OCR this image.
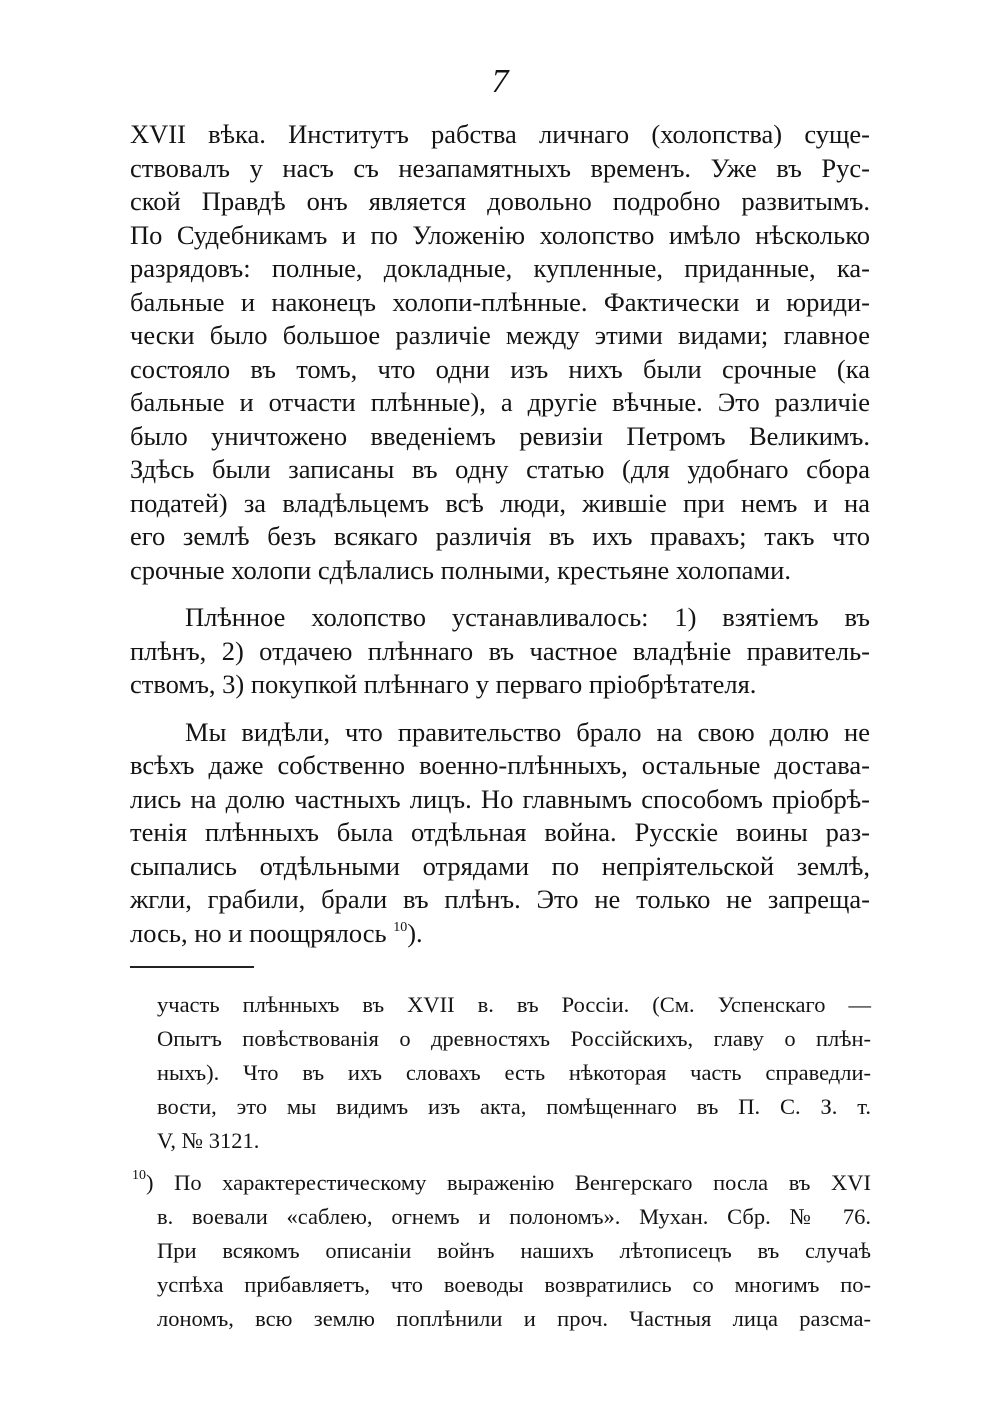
7

XVII вѣка. Институтъ рабства личнаго (холопства) суще-
ствовалъ у насъ съ незапамятныхъ временъ. Уже въ Рус-
ской Правдѣ онъ является довольно подробно развитымъ.
По Судебникамъ и по Уложенію холопство имѣло нѣсколько
разрядовъ: полные, докладные, купленные, приданные, ка-
бальные и наконецъ холопи-плѣнные. Фактически и юриди-
чески было большое различіе между этими видами; главное
состояло въ томъ, что одни изъ нихъ были срочные (ка
бальные и отчасти плѣнные), а другіе вѣчные. Это различіе
было уничтожено введеніемъ ревизіи Петромъ Великимъ.
Здѣсь были записаны въ одну статью (для удобнаго сбора
податей) за владѣльцемъ всѣ люди, жившіе при немъ и на
его землѣ безъ всякаго различія въ ихъ правахъ; такъ что
срочные холопи сдѣлались полными, крестьяне холопами.

Плѣнное холопство устанавливалось: 1) взятіемъ въ
плѣнъ, 2) отдачею плѣннаго въ частное владѣніе правитель-
ствомъ, 3) покупкой плѣннаго у перваго пріобрѣтателя.

Мы видѣли, что правительство брало на свою долю не
всѣхъ даже собственно военно-плѣнныхъ, остальные достава-
лись на долю частныхъ лицъ. Но главнымъ способомъ пріобрѣ-
тенія плѣнныхъ была отдѣльная война. Русскіе воины раз-
сыпались отдѣльными отрядами по непріятельской землѣ,
жгли, грабили, брали въ плѣнъ. Это не только не запреща-
лось, но и поощрялось $^{10}$).

участь плѣнныхъ въ XVII в. въ Россіи. (См. Успенскаго —
Опытъ повѣствованія о древностяхъ Россійскихъ, главу о плѣн-
ныхъ). Что въ ихъ словахъ есть нѣкоторая часть справедли-
вости, это мы видимъ изъ акта, помѣщеннаго въ П. С. З. т.
V, № 3121.

$^{10}$) По характерестическому выраженію Венгерскаго посла въ XVI
в. воевали «саблею, огнемъ и полономъ». Мухан. Сбр. № 76.
При всякомъ описаніи войнъ нашихъ лѣтописецъ въ случаѣ
успѣха прибавляетъ, что воеводы возвратились со многимъ по-
лономъ, всю землю поплѣнили и проч. Частныя лица разсма-
